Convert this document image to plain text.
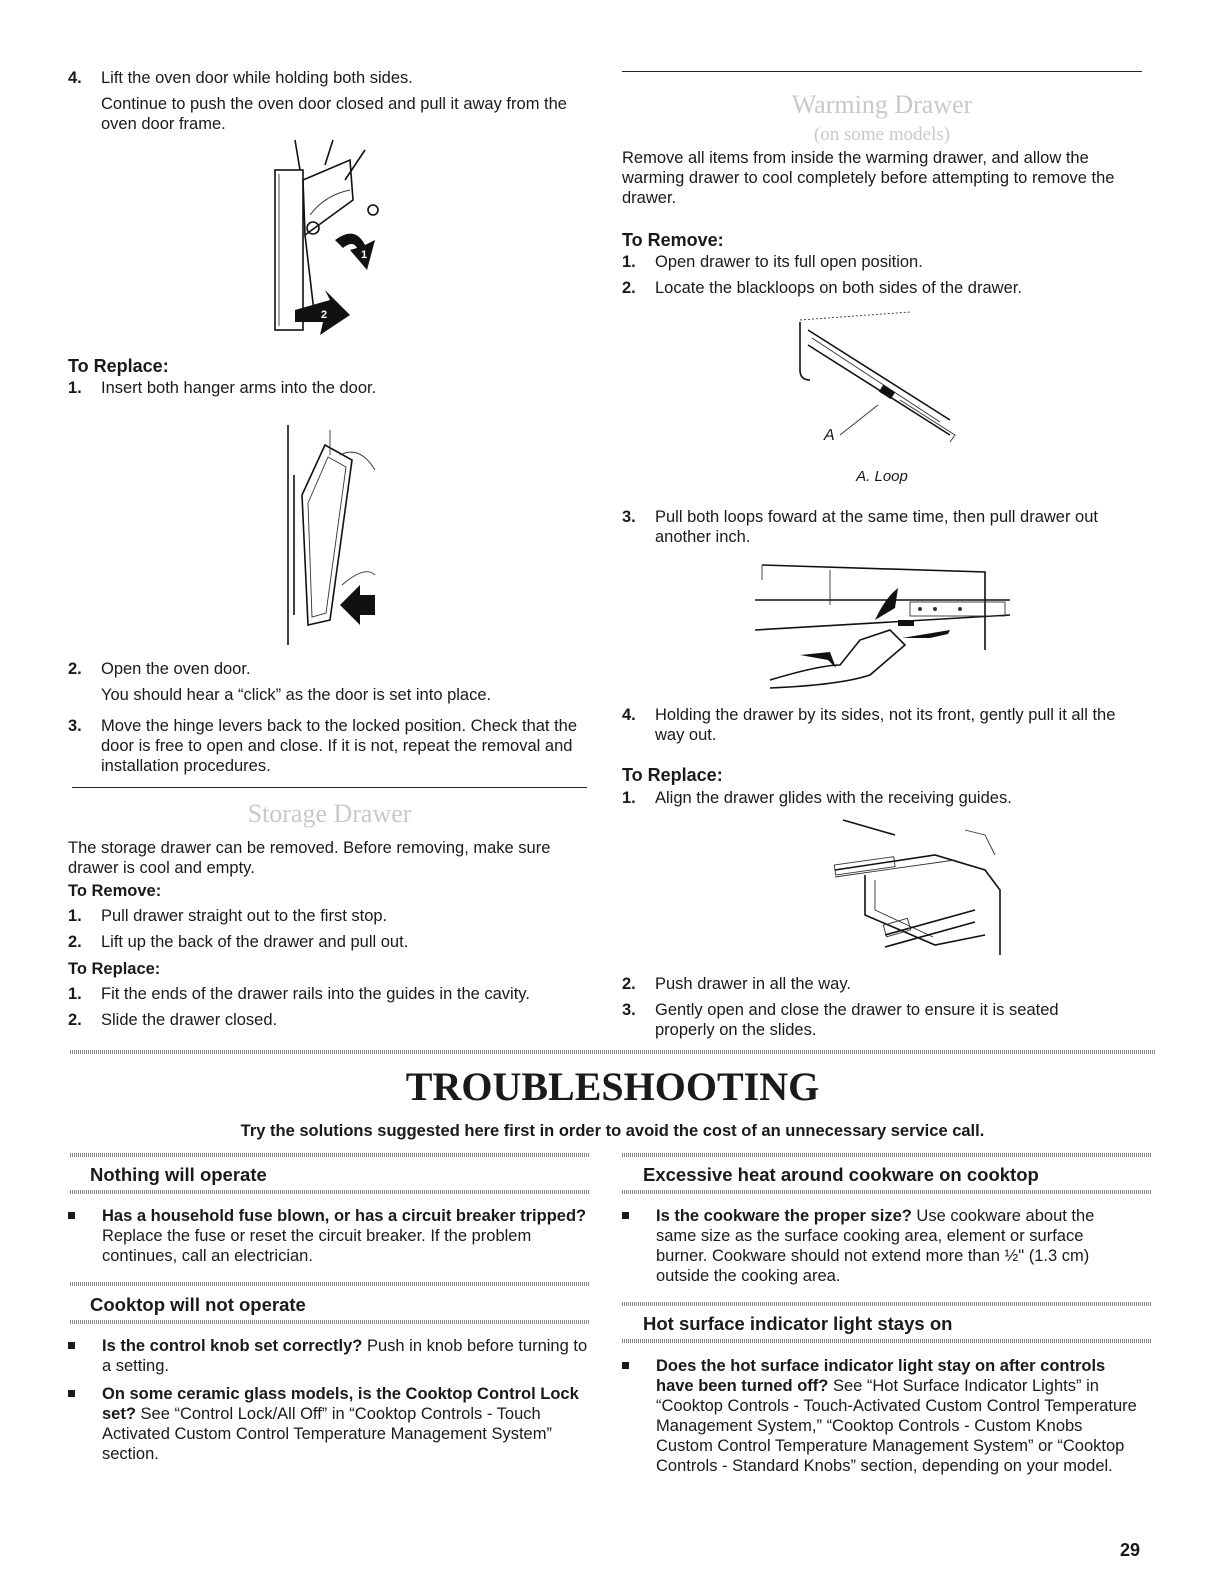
4. Lift the oven door while holding both sides.
Continue to push the oven door closed and pull it away from the oven door frame.
1
2
To Replace:
1. Insert both hanger arms into the door.
2. Open the oven door.
You should hear a “click” as the door is set into place.
3. Move the hinge levers back to the locked position. Check that the door is free to open and close. If it is not, repeat the removal and installation procedures.
Storage Drawer
The storage drawer can be removed. Before removing, make sure drawer is cool and empty.
To Remove:
1. Pull drawer straight out to the first stop.
2. Lift up the back of the drawer and pull out.
To Replace:
1. Fit the ends of the drawer rails into the guides in the cavity.
2. Slide the drawer closed.
Warming Drawer
(on some models)
Remove all items from inside the warming drawer, and allow the warming drawer to cool completely before attempting to remove the drawer.
To Remove:
1. Open drawer to its full open position.
2. Locate the blackloops on both sides of the drawer.
A
A. Loop
3. Pull both loops foward at the same time, then pull drawer out another inch.
4. Holding the drawer by its sides, not its front, gently pull it all the way out.
To Replace:
1. Align the drawer glides with the receiving guides.
2. Push drawer in all the way.
3. Gently open and close the drawer to ensure it is seated properly on the slides.
TROUBLESHOOTING
Try the solutions suggested here first in order to avoid the cost of an unnecessary service call.
Nothing will operate
Has a household fuse blown, or has a circuit breaker tripped? Replace the fuse or reset the circuit breaker. If the problem continues, call an electrician.
Cooktop will not operate
Is the control knob set correctly? Push in knob before turning to a setting.
On some ceramic glass models, is the Cooktop Control Lock set? See “Control Lock/All Off” in “Cooktop Controls - Touch Activated Custom Control Temperature Management System” section.
Excessive heat around cookware on cooktop
Is the cookware the proper size? Use cookware about the same size as the surface cooking area, element or surface burner. Cookware should not extend more than ½" (1.3 cm) outside the cooking area.
Hot surface indicator light stays on
Does the hot surface indicator light stay on after controls have been turned off? See “Hot Surface Indicator Lights” in “Cooktop Controls - Touch-Activated Custom Control Temperature Management System,” “Cooktop Controls - Custom Knobs Custom Control Temperature Management System” or “Cooktop Controls - Standard Knobs” section, depending on your model.
29
